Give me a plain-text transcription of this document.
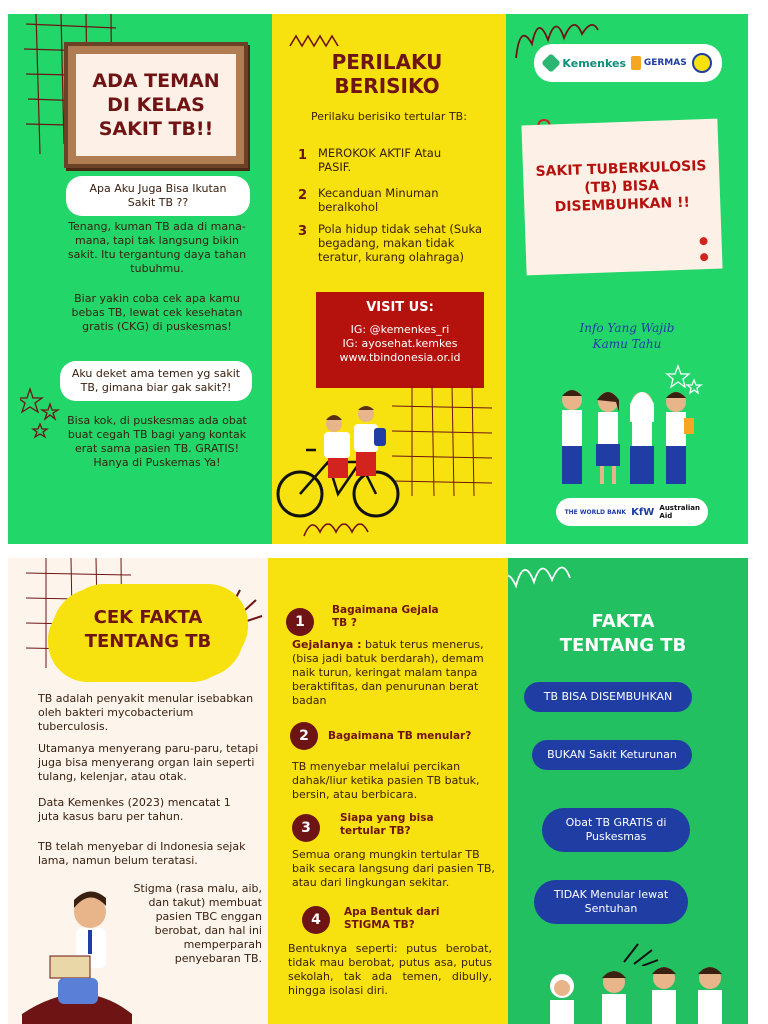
ADA TEMAN DI KELAS SAKIT TB!!
Apa Aku Juga Bisa Ikutan Sakit TB ??
Tenang, kuman TB ada di mana-mana, tapi tak langsung bikin sakit. Itu tergantung daya tahan tubuhmu.
Biar yakin coba cek apa kamu bebas TB, lewat cek kesehatan gratis (CKG) di puskesmas!
Aku deket ama temen yg sakit TB, gimana biar gak sakit?!
Bisa kok, di puskesmas ada obat buat cegah TB bagi yang kontak erat sama pasien TB. GRATIS! Hanya di Puskemas Ya!
PERILAKU BERISIKO
Perilaku berisiko tertular TB:
1 MEROKOK AKTIF Atau PASIF.
2 Kecanduan Minuman beralkohol
3 Pola hidup tidak sehat (Suka begadang, makan tidak teratur, kurang olahraga)
VISIT US:
IG: @kemenkes_ri
IG: ayosehat.kemkes
www.tbindonesia.or.id
Kemenkes GERMAS
SAKIT TUBERKULOSIS (TB) BISA DISEMBUHKAN !!
Info Yang Wajib Kamu Tahu
THE WORLD BANK KfW Australian Aid
CEK FAKTA TENTANG TB
TB adalah penyakit menular isebabkan oleh bakteri mycobacterium tuberculosis.
Utamanya menyerang paru-paru, tetapi juga bisa menyerang organ lain seperti tulang, kelenjar, atau otak.
Data Kemenkes (2023) mencatat 1 juta kasus baru per tahun.
TB telah menyebar di Indonesia sejak lama, namun belum teratasi.
Stigma (rasa malu, aib, dan takut) membuat pasien TBC enggan berobat, dan hal ini memperparah penyebaran TB.
1
Bagaimana Gejala TB ?
Gejalanya : batuk terus menerus, (bisa jadi batuk berdarah), demam naik turun, keringat malam tanpa beraktifitas, dan penurunan berat badan
2	Bagaimana TB menular?
TB menyebar melalui percikan dahak/liur ketika pasien TB batuk, bersin, atau berbicara.
3
Siapa yang bisa tertular TB?
Semua orang mungkin tertular TB baik secara langsung dari pasien TB, atau dari lingkungan sekitar.
4	Apa Bentuk dari STIGMA TB?
Bentuknya seperti: putus berobat, tidak mau berobat, putus asa, putus sekolah, tak ada temen, dibully, hingga isolasi diri.
FAKTA TENTANG TB
TB BISA DISEMBUHKAN
BUKAN Sakit Keturunan
Obat TB GRATIS di Puskesmas
TIDAK Menular lewat Sentuhan
